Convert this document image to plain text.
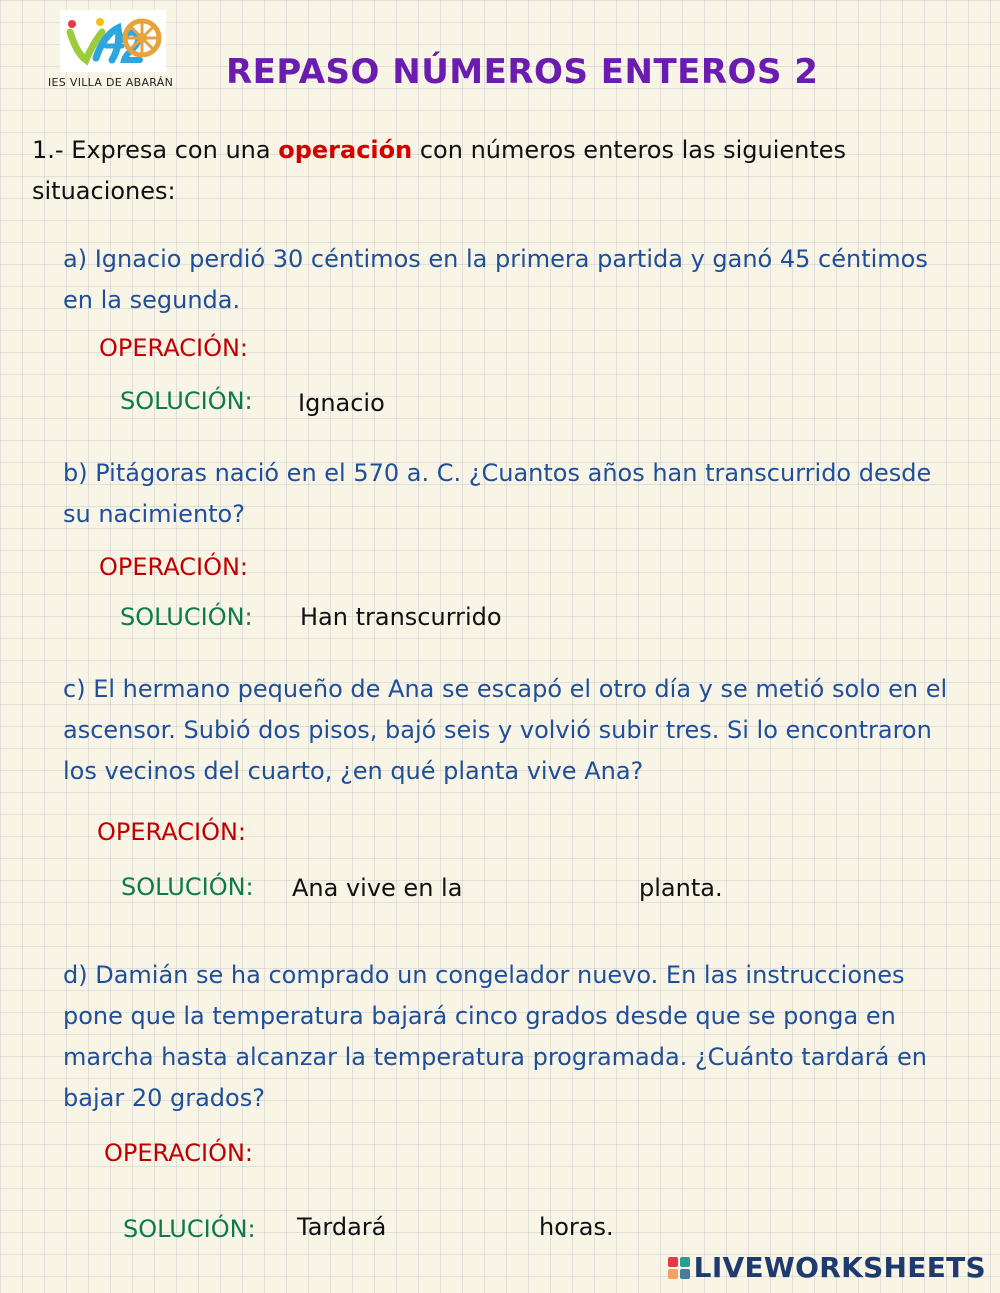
IES VILLA DE ABARÁN REPASO NÚMEROS ENTEROS 2
1.- Expresa con una operación con números enteros las siguientes situaciones:
a) Ignacio perdió 30 céntimos en la primera partida y ganó 45 céntimos en la segunda.
OPERACIÓN:
SOLUCIÓN: Ignacio
b) Pitágoras nació en el 570 a. C. ¿Cuantos años han transcurrido desde su nacimiento?
OPERACIÓN:
SOLUCIÓN: Han transcurrido
c) El hermano pequeño de Ana se escapó el otro día y se metió solo en el ascensor. Subió dos pisos, bajó seis y volvió subir tres. Si lo encontraron los vecinos del cuarto, ¿en qué planta vive Ana?
OPERACIÓN:
SOLUCIÓN: Ana vive en la	planta.
d) Damián se ha comprado un congelador nuevo. En las instrucciones pone que la temperatura bajará cinco grados desde que se ponga en marcha hasta alcanzar la temperatura programada. ¿Cuánto tardará en bajar 20 grados?
OPERACIÓN:
SOLUCIÓN: Tardará	horas.
LIVEWORKSHEETS
